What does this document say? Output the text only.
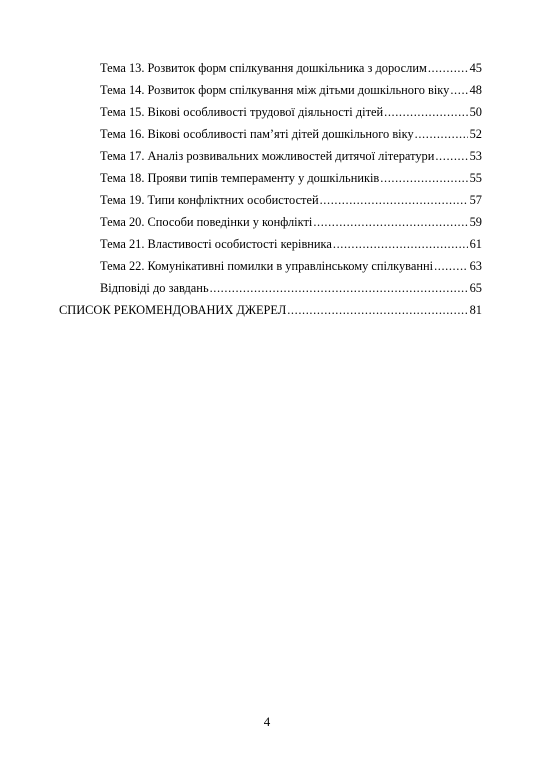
Тема 13. Розвиток форм спілкування дошкільника з дорослим .....	45
Тема 14. Розвиток форм спілкування між дітьми дошкільного віку ..... 48
Тема 15. Вікові особливості трудової діяльності дітей .....	50
Тема 16. Вікові особливості пам’яті дітей дошкільного віку .....	52
Тема 17. Аналіз розвивальних можливостей дитячої літератури .....	53
Тема 18. Прояви типів темпераменту у дошкільників .....	55
Тема 19. Типи конфліктних особистостей .....	57
Тема 20. Способи поведінки у конфлікті .....	59
Тема 21. Властивості особистості керівника .....	61
Тема 22. Комунікативні помилки в управлінському спілкуванні .....	63
Відповіді до завдань .....	65
СПИСОК РЕКОМЕНДОВАНИХ ДЖЕРЕЛ .....	81
4
